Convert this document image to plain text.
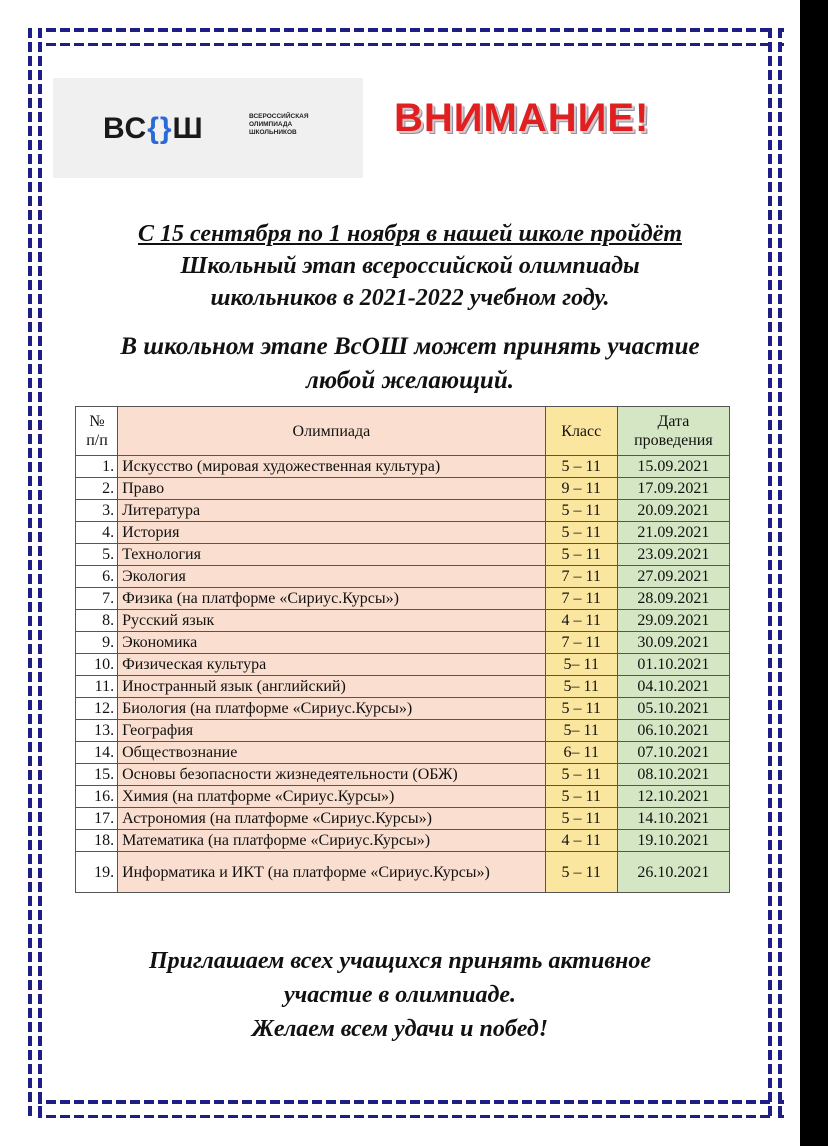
ВС{}Ш	ВСЕРОССИЙСКАЯ
ОЛИМПИАДА
ШКОЛЬНИКОВ	ВНИМАНИЕ!
С 15 сентября по 1 ноября в нашей школе пройдёт
Школьный этап всероссийской олимпиады
школьников в 2021-2022 учебном году.
В школьном этапе ВсОШ может принять участие
любой желающий.
№
п/п	Олимпиада	Класс	Дата
проведения
1.	Искусство (мировая художественная культура)	5 – 11	15.09.2021
2.	Право	9 – 11	17.09.2021
3.	Литература	5 – 11	20.09.2021
4.	История	5 – 11	21.09.2021
5.	Технология	5 – 11	23.09.2021
6.	Экология	7 – 11	27.09.2021
7.	Физика (на платформе «Сириус.Курсы»)	7 – 11	28.09.2021
8.	Русский язык	4 – 11	29.09.2021
9.	Экономика	7 – 11	30.09.2021
10.	Физическая культура	5– 11	01.10.2021
11.	Иностранный язык (английский)	5– 11	04.10.2021
12.	Биология (на платформе «Сириус.Курсы»)	5 – 11	05.10.2021
13.	География	5– 11	06.10.2021
14.	Обществознание	6– 11	07.10.2021
15.	Основы безопасности жизнедеятельности (ОБЖ)	5 – 11	08.10.2021
16.	Химия (на платформе «Сириус.Курсы»)	5 – 11	12.10.2021
17.	Астрономия (на платформе «Сириус.Курсы»)	5 – 11	14.10.2021
18.	Математика (на платформе «Сириус.Курсы»)	4 – 11	19.10.2021
19.	Информатика и ИКТ (на платформе «Сириус.Курсы»)	5 – 11	26.10.2021
Приглашаем всех учащихся принять активное
участие в олимпиаде.
Желаем всем удачи и побед!
